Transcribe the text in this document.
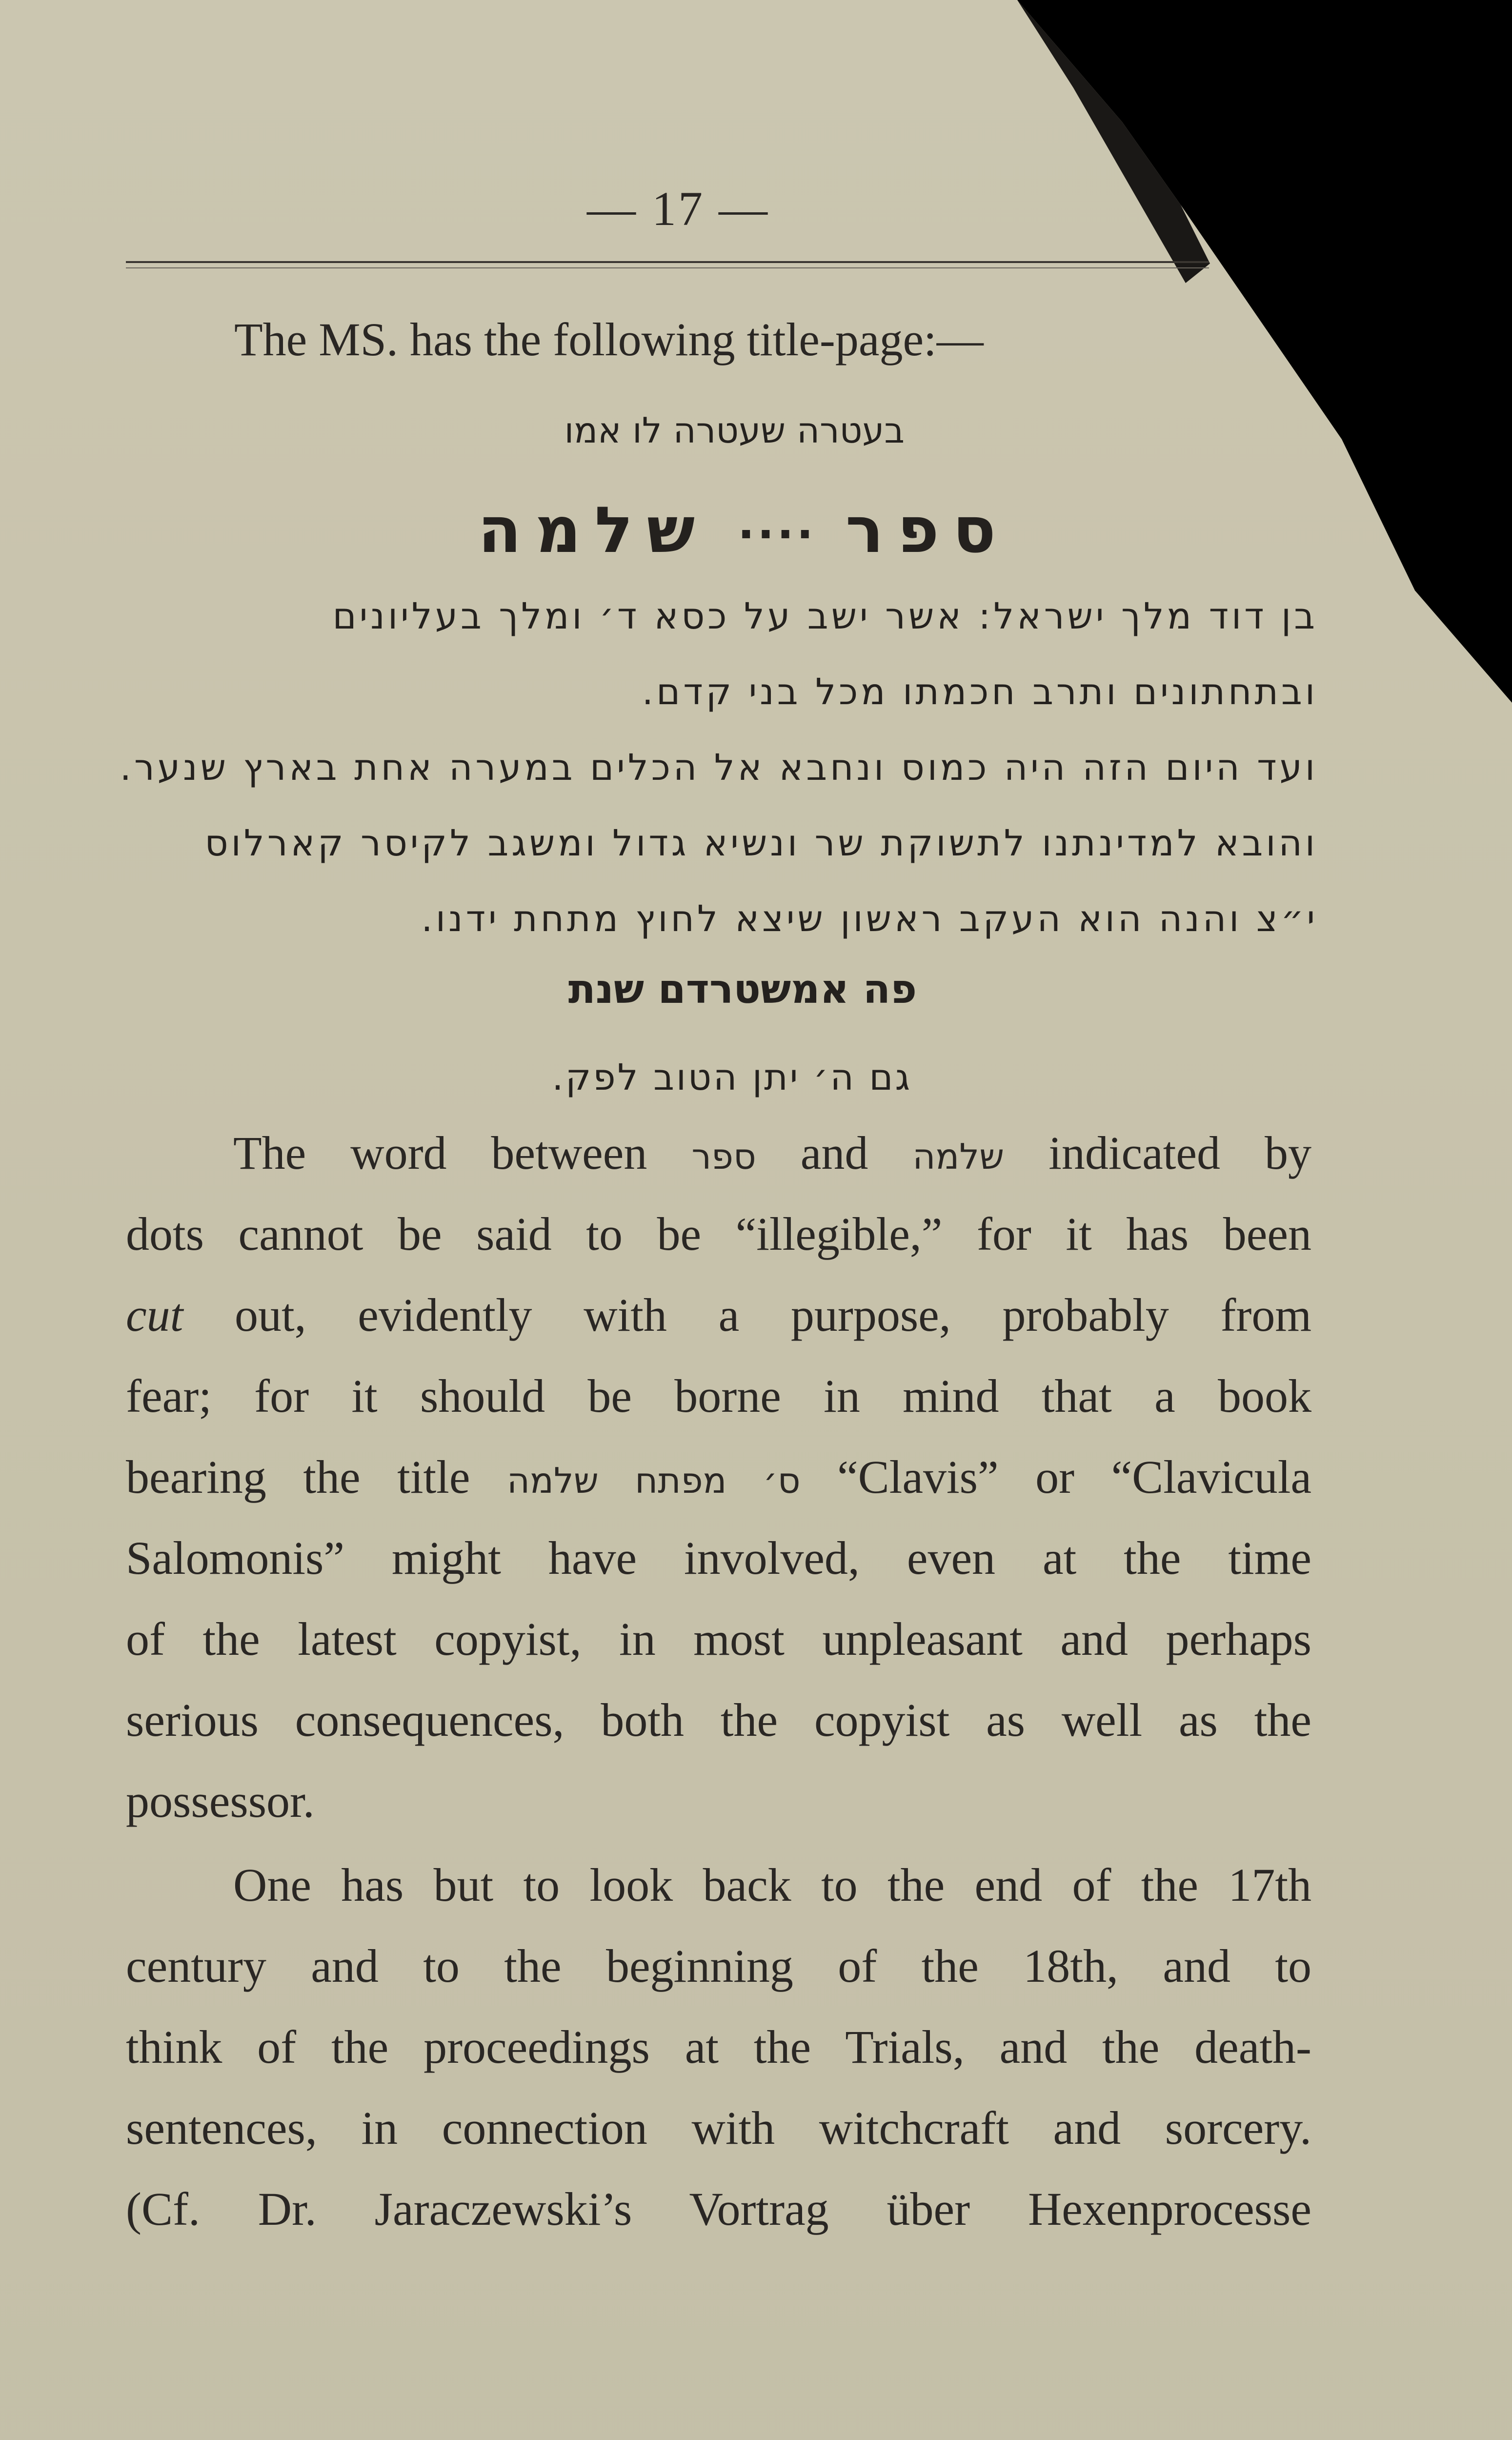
— 17 —
The MS. has the following title-page:—
בעטרה שעטרה לו אמו
ספר····שלמה
בן דוד מלך ישראל: אשר ישב על כסא ד׳ ומלך בעליונים
ובתחתונים ותרב חכמתו מכל בני קדם.
ועד היום הזה היה כמוס ונחבא אל הכלים במערה אחת בארץ שנער.
והובא למדינתנו לתשוקת שר ונשיא גדול ומשגב לקיסר קארלוס
י״צ והנה הוא העקב ראשון שיצא לחוץ מתחת ידנו.
פה אמשטרדם שנת
גם ה׳ יתן הטוב לפק.
The word between ספר and שלמה indicated by
dots cannot be said to be “illegible,” for it has been
cut out, evidently with a purpose, probably from
fear; for it should be borne in mind that a book
bearing the title ס׳ מפתח שלמה “Clavis” or “Clavicula
Salomonis” might have involved, even at the time
of the latest copyist, in most unpleasant and perhaps
serious consequences, both the copyist as well as the
possessor.
One has but to look back to the end of the 17th
century and to the beginning of the 18th, and to
think of the proceedings at the Trials, and the death-
sentences, in connection with witchcraft and sorcery.
(Cf. Dr. Jaraczewski’s Vortrag über Hexenprocesse
